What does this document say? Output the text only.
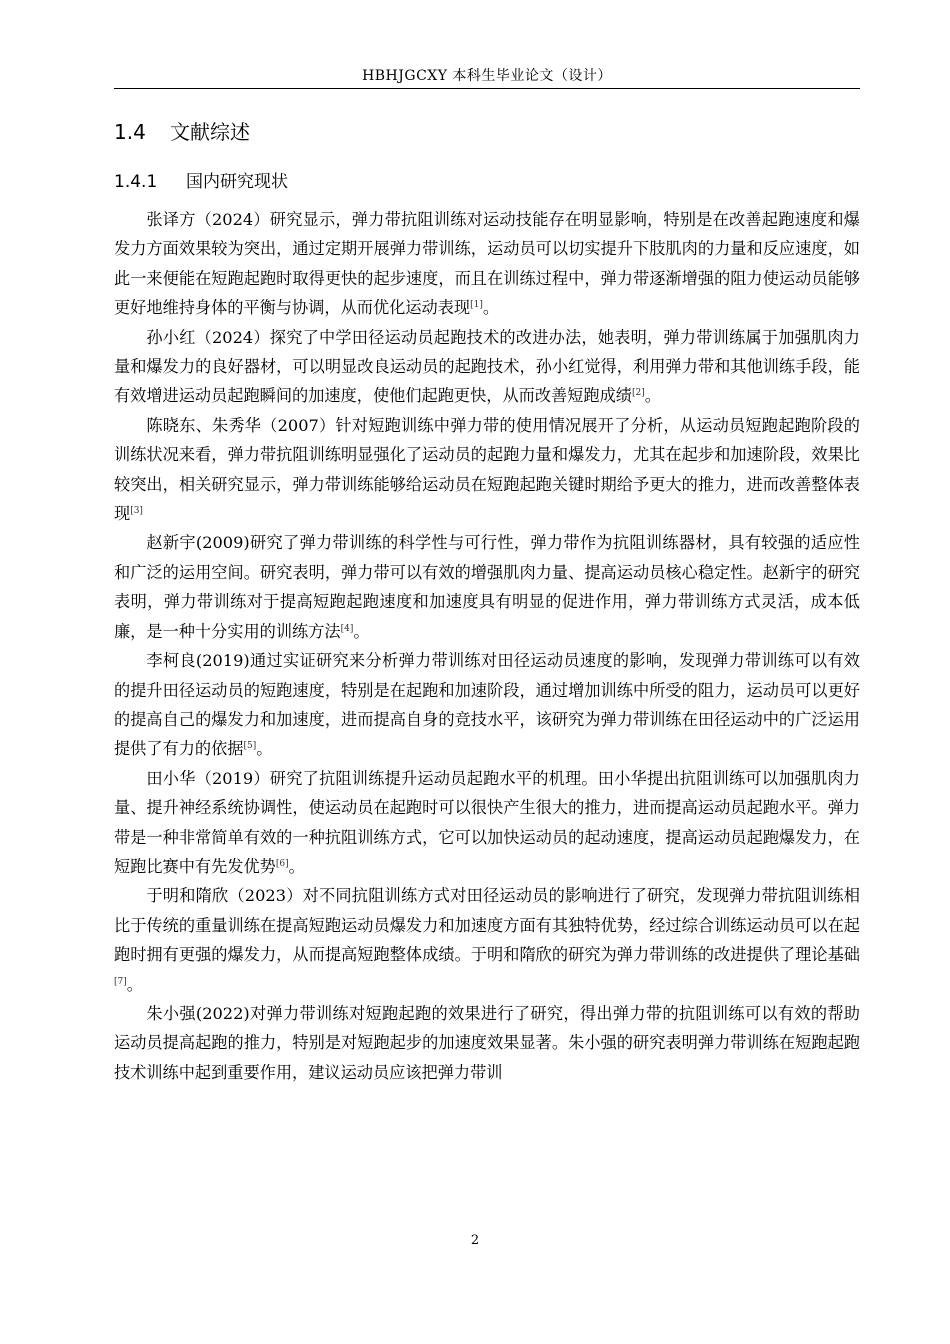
HBHJGCXY 本科生毕业论文（设计）
1.4 文献综述
1.4.1 国内研究现状

张译方（2024）研究显示，弹力带抗阻训练对运动技能存在明显影响，特别是在改善起跑速度和爆发力方面效果较为突出，通过定期开展弹力带训练，运动员可以切实提升下肢肌肉的力量和反应速度，如此一来便能在短跑起跑时取得更快的起步速度，而且在训练过程中，弹力带逐渐增强的阻力使运动员能够更好地维持身体的平衡与协调，从而优化运动表现[1]。

孙小红（2024）探究了中学田径运动员起跑技术的改进办法，她表明，弹力带训练属于加强肌肉力量和爆发力的良好器材，可以明显改良运动员的起跑技术，孙小红觉得，利用弹力带和其他训练手段，能有效增进运动员起跑瞬间的加速度，使他们起跑更快，从而改善短跑成绩[2]。

陈晓东、朱秀华（2007）针对短跑训练中弹力带的使用情况展开了分析，从运动员短跑起跑阶段的训练状况来看，弹力带抗阻训练明显强化了运动员的起跑力量和爆发力，尤其在起步和加速阶段，效果比较突出，相关研究显示，弹力带训练能够给运动员在短跑起跑关键时期给予更大的推力，进而改善整体表现[3]

赵新宇(2009)研究了弹力带训练的科学性与可行性，弹力带作为抗阻训练器材，具有较强的适应性和广泛的运用空间。研究表明，弹力带可以有效的增强肌肉力量、提高运动员核心稳定性。赵新宇的研究表明，弹力带训练对于提高短跑起跑速度和加速度具有明显的促进作用，弹力带训练方式灵活，成本低廉，是一种十分实用的训练方法[4]。

李柯良(2019)通过实证研究来分析弹力带训练对田径运动员速度的影响，发现弹力带训练可以有效的提升田径运动员的短跑速度，特别是在起跑和加速阶段，通过增加训练中所受的阻力，运动员可以更好的提高自己的爆发力和加速度，进而提高自身的竞技水平，该研究为弹力带训练在田径运动中的广泛运用提供了有力的依据[5]。

田小华（2019）研究了抗阻训练提升运动员起跑水平的机理。田小华提出抗阻训练可以加强肌肉力量、提升神经系统协调性，使运动员在起跑时可以很快产生很大的推力，进而提高运动员起跑水平。弹力带是一种非常简单有效的一种抗阻训练方式，它可以加快运动员的起动速度，提高运动员起跑爆发力，在短跑比赛中有先发优势[6]。

于明和隋欣（2023）对不同抗阻训练方式对田径运动员的影响进行了研究，发现弹力带抗阻训练相比于传统的重量训练在提高短跑运动员爆发力和加速度方面有其独特优势，经过综合训练运动员可以在起跑时拥有更强的爆发力，从而提高短跑整体成绩。于明和隋欣的研究为弹力带训练的改进提供了理论基础[7]。

朱小强(2022)对弹力带训练对短跑起跑的效果进行了研究，得出弹力带的抗阻训练可以有效的帮助运动员提高起跑的推力，特别是对短跑起步的加速度效果显著。朱小强的研究表明弹力带训练在短跑起跑技术训练中起到重要作用，建议运动员应该把弹力带训

2
